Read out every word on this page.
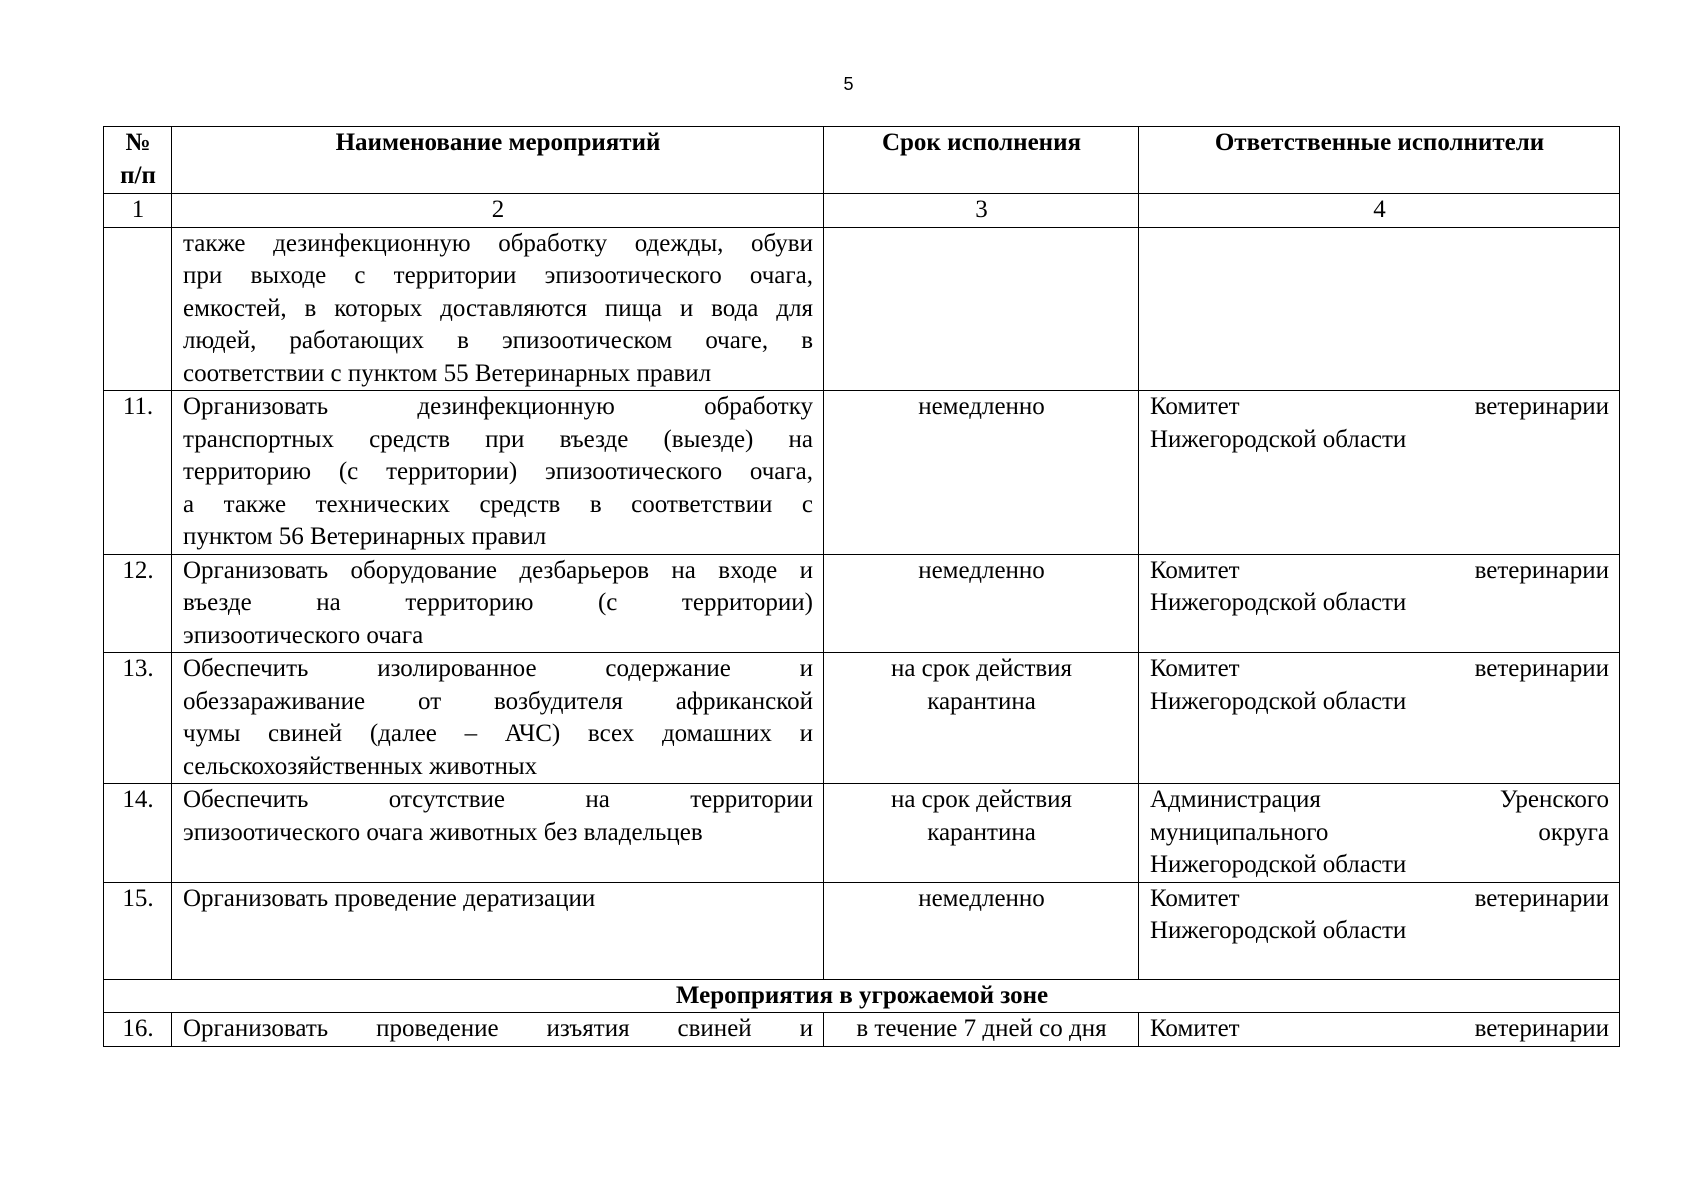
5
№ п/п	Наименование мероприятий	Срок исполнения	Ответственные исполнители
1	2	3	4

	также дезинфекционную обработку одежды, обуви
при выходе с территории эпизоотического очага,
емкостей, в которых доставляются пища и вода для
людей, работающих в эпизоотическом очаге, в
соответствии с пунктом 55 Ветеринарных правил		

11.	Организовать дезинфекционную обработку
транспортных средств при въезде (выезде) на
территорию (с территории) эпизоотического очага,
а также технических средств в соответствии с
пунктом 56 Ветеринарных правил	немедленно	Комитет ветеринарии
Нижегородской области

12.	Организовать оборудование дезбарьеров на входе и
въезде на территорию (с территории)
эпизоотического очага	немедленно	Комитет ветеринарии
Нижегородской области

13.	Обеспечить изолированное содержание и
обеззараживание от возбудителя африканской
чумы свиней (далее – АЧС) всех домашних и
сельскохозяйственных животных	на срок действия карантина	Комитет ветеринарии
Нижегородской области

14.	Обеспечить отсутствие на территории
эпизоотического очага животных без владельцев	на срок действия карантина	Администрация Уренского
муниципального округа
Нижегородской области

15.	Организовать проведение дератизации	немедленно	Комитет ветеринарии
Нижегородской области

Мероприятия в угрожаемой зоне			
16.	Организовать проведение изъятия свиней и	в течение 7 дней со дня	Комитет ветеринарии
